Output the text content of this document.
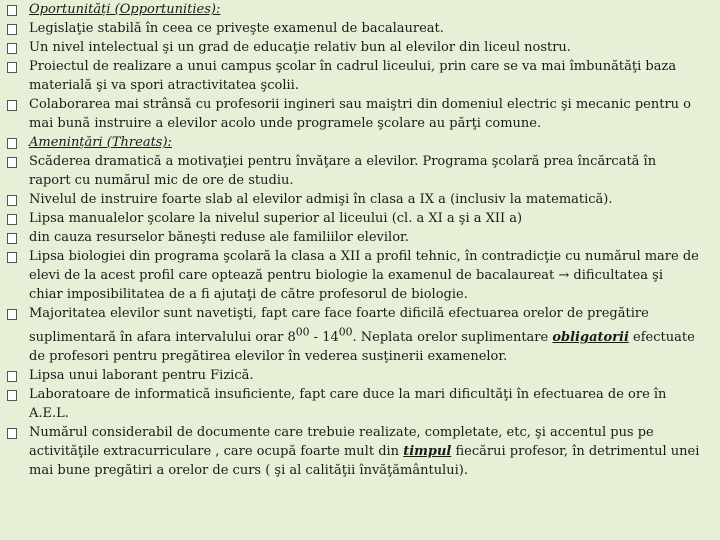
Oportunități (Opportunities):
Legislaţie stabilă în ceea ce priveşte examenul de bacalaureat.
Un nivel intelectual şi un grad de educaţie relativ bun al elevilor din liceul nostru.
Proiectul de realizare a unui campus şcolar în cadrul liceului, prin care se va mai îmbunătăţi baza materială şi va spori atractivitatea şcolii.
Colaborarea mai strânsă cu profesorii ingineri sau maiştri din domeniul electric şi mecanic pentru o mai bună instruire a elevilor acolo unde programele şcolare au părţi comune.
Amenințări (Threats):
Scăderea dramatică a motivaţiei pentru învăţare a elevilor. Programa şcolară prea încărcată în raport cu numărul mic de ore de studiu.
Nivelul de instruire foarte slab al elevilor admişi în clasa a IX a (inclusiv la matematică).
Lipsa manualelor şcolare la nivelul superior al liceului (cl. a XI a şi a XII a)
din cauza resurselor băneşti reduse ale familiilor elevilor.
Lipsa biologiei din programa şcolară la clasa a XII a profil tehnic, în contradicţie cu numărul mare de elevi de la acest profil care optează pentru biologie la examenul de bacalaureat → dificultatea şi chiar imposibilitatea de a fi ajutaţi de către profesorul de biologie.
Majoritatea elevilor sunt navetişti, fapt care face foarte dificilă efectuarea orelor de pregătire suplimentară în afara intervalului orar $8^{00} - 14^{00}$. Neplata orelor suplimentare obligatorii efectuate de profesori pentru pregătirea elevilor în vederea susţinerii examenelor.
Lipsa unui laborant pentru Fizică.
Laboratoare de informatică insuficiente, fapt care duce la mari dificultăţi în efectuarea de ore în A.E.L.
Numărul considerabil de documente care trebuie realizate, completate, etc, şi accentul pus pe activităţile extracurriculare , care ocupă foarte mult din timpul fiecărui profesor, în detrimentul unei mai bune pregătiri a orelor de curs ( şi al calităţii învăţământului).
